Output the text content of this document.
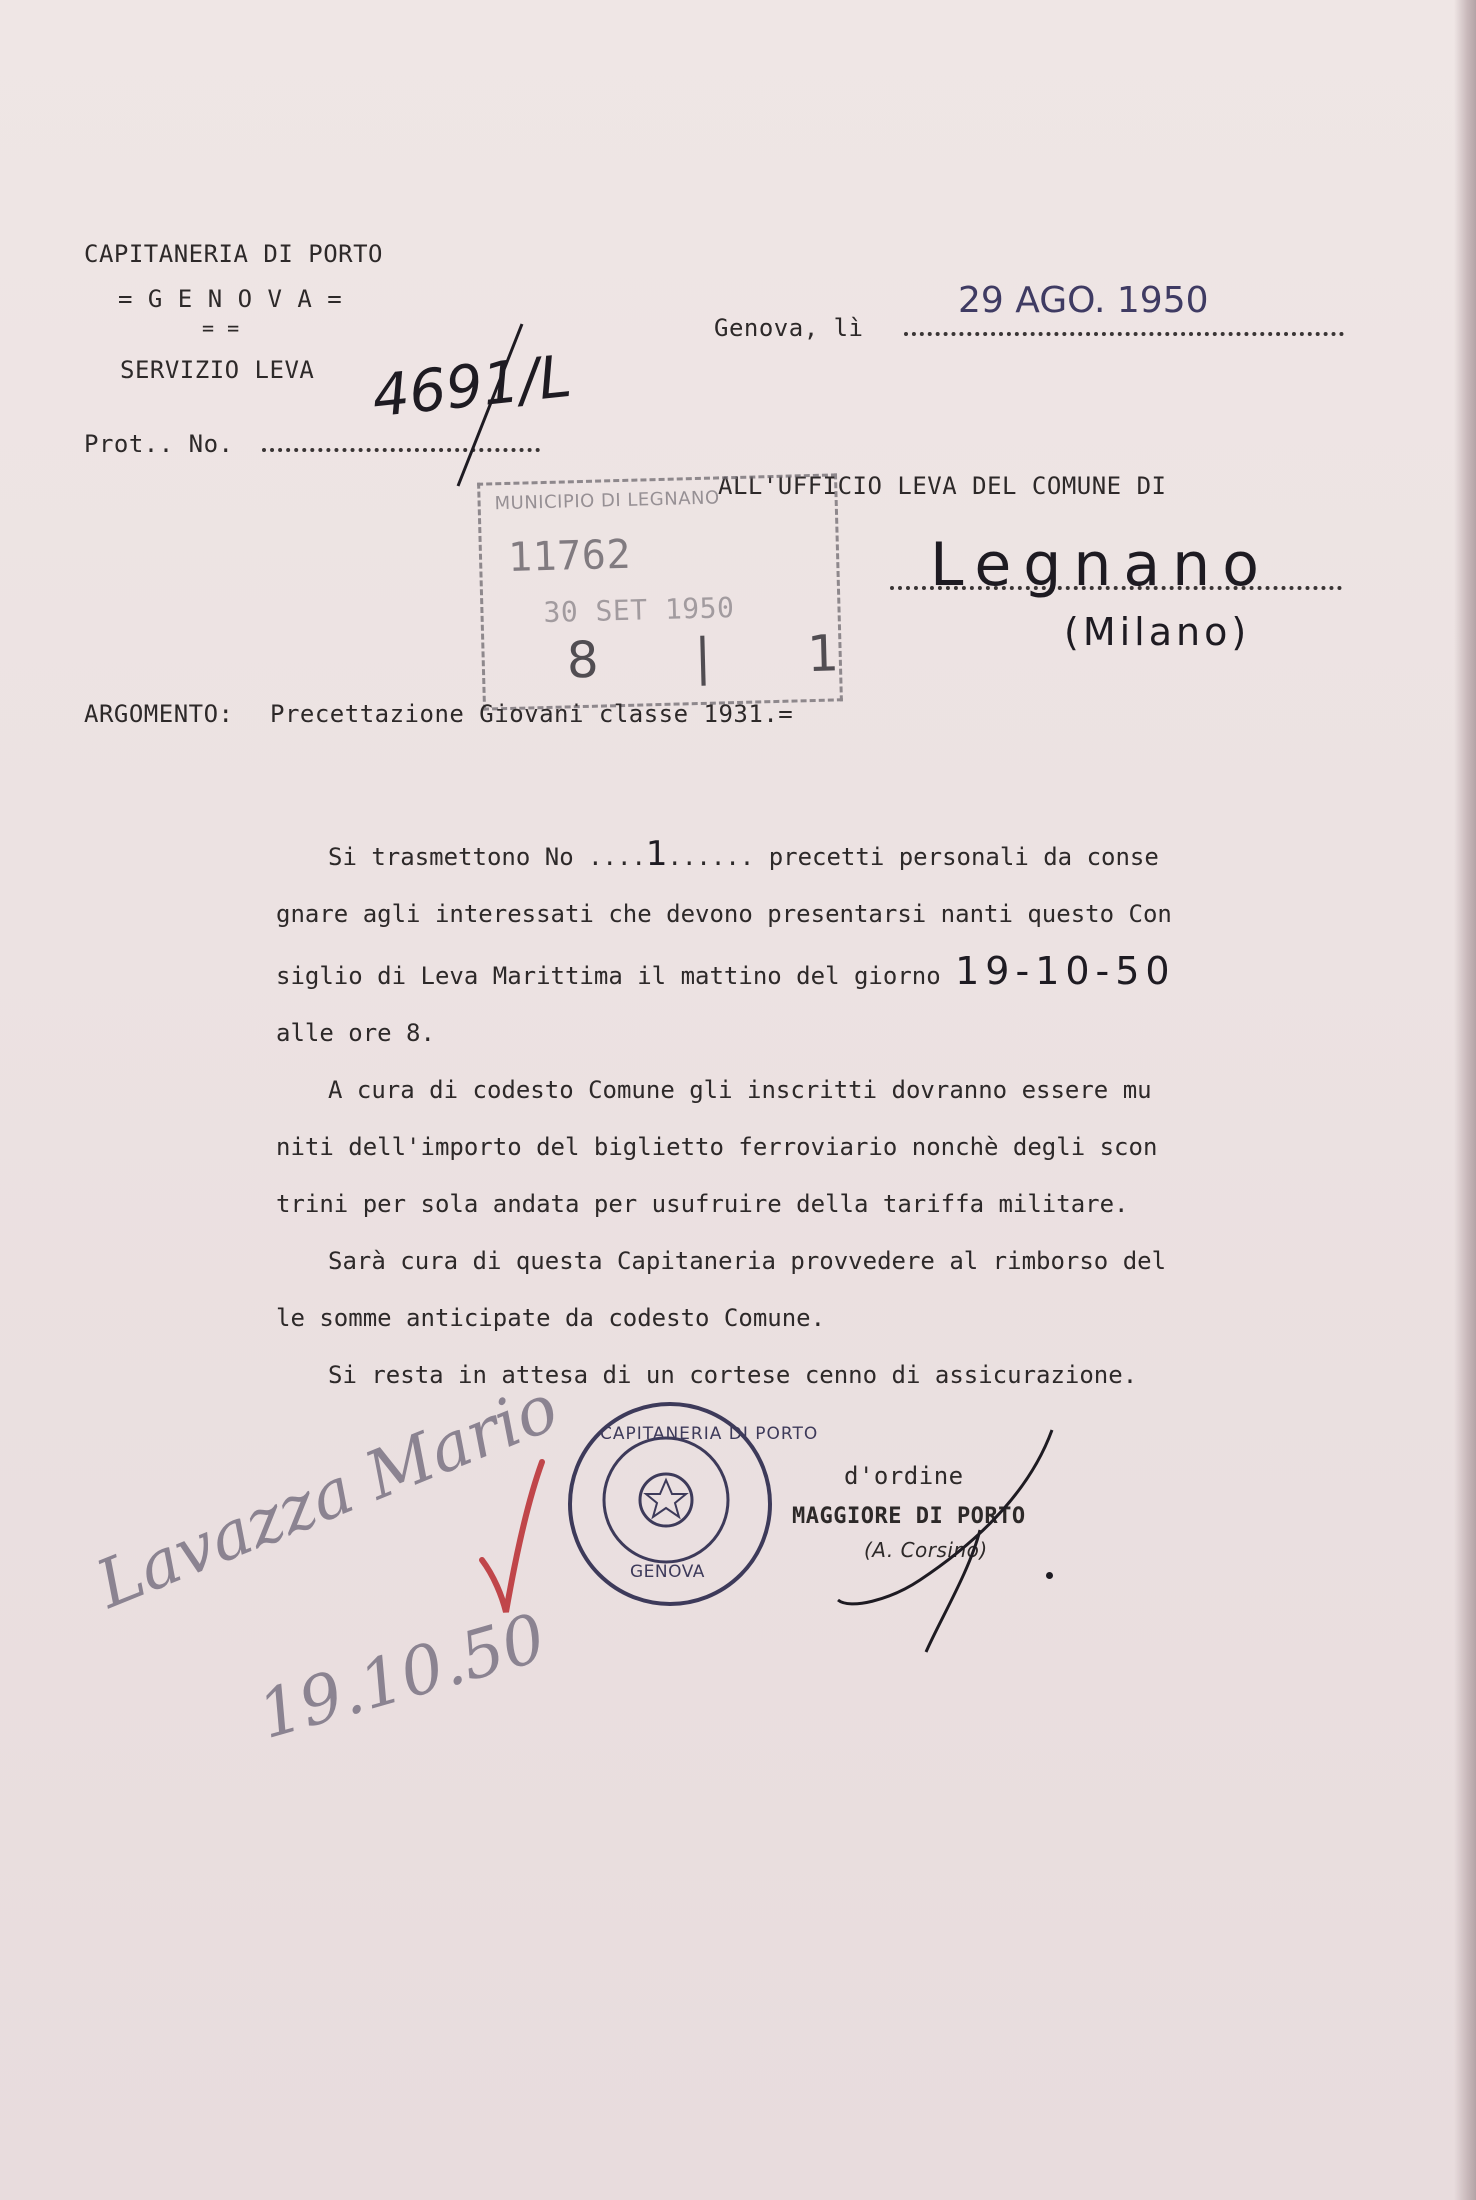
CAPITANERIA DI PORTO
= G E N O V A =
= =
SERVIZIO LEVA
Prot.. No.
4691/L
Genova, lì
29 AGO. 1950
ALL'UFFICIO LEVA DEL COMUNE DI
Legnano
(Milano)
MUNICIPIO DI LEGNANO
11762
30 SET 1950
8 | 1
ARGOMENTO: Precettazione Giovani classe 1931.=

Si trasmettono No ....1...... precetti personali da conse

gnare agli interessati che devono presentarsi nanti questo Con

siglio di Leva Marittima il mattino del giorno 19-10-50

alle ore 8.

A cura di codesto Comune gli inscritti dovranno essere mu

niti dell'importo del biglietto ferroviario nonchè degli scon

trini per sola andata per usufruire della tariffa militare.

Sarà cura di questa Capitaneria provvedere al rimborso del

le somme anticipate da codesto Comune.

Si resta in attesa di un cortese cenno di assicurazione.

CAPITANERIA DI PORTO
GENOVA
d'ordine
MAGGIORE DI PORTO
(A. Corsino)
Lavazza Mario
19.10.50
